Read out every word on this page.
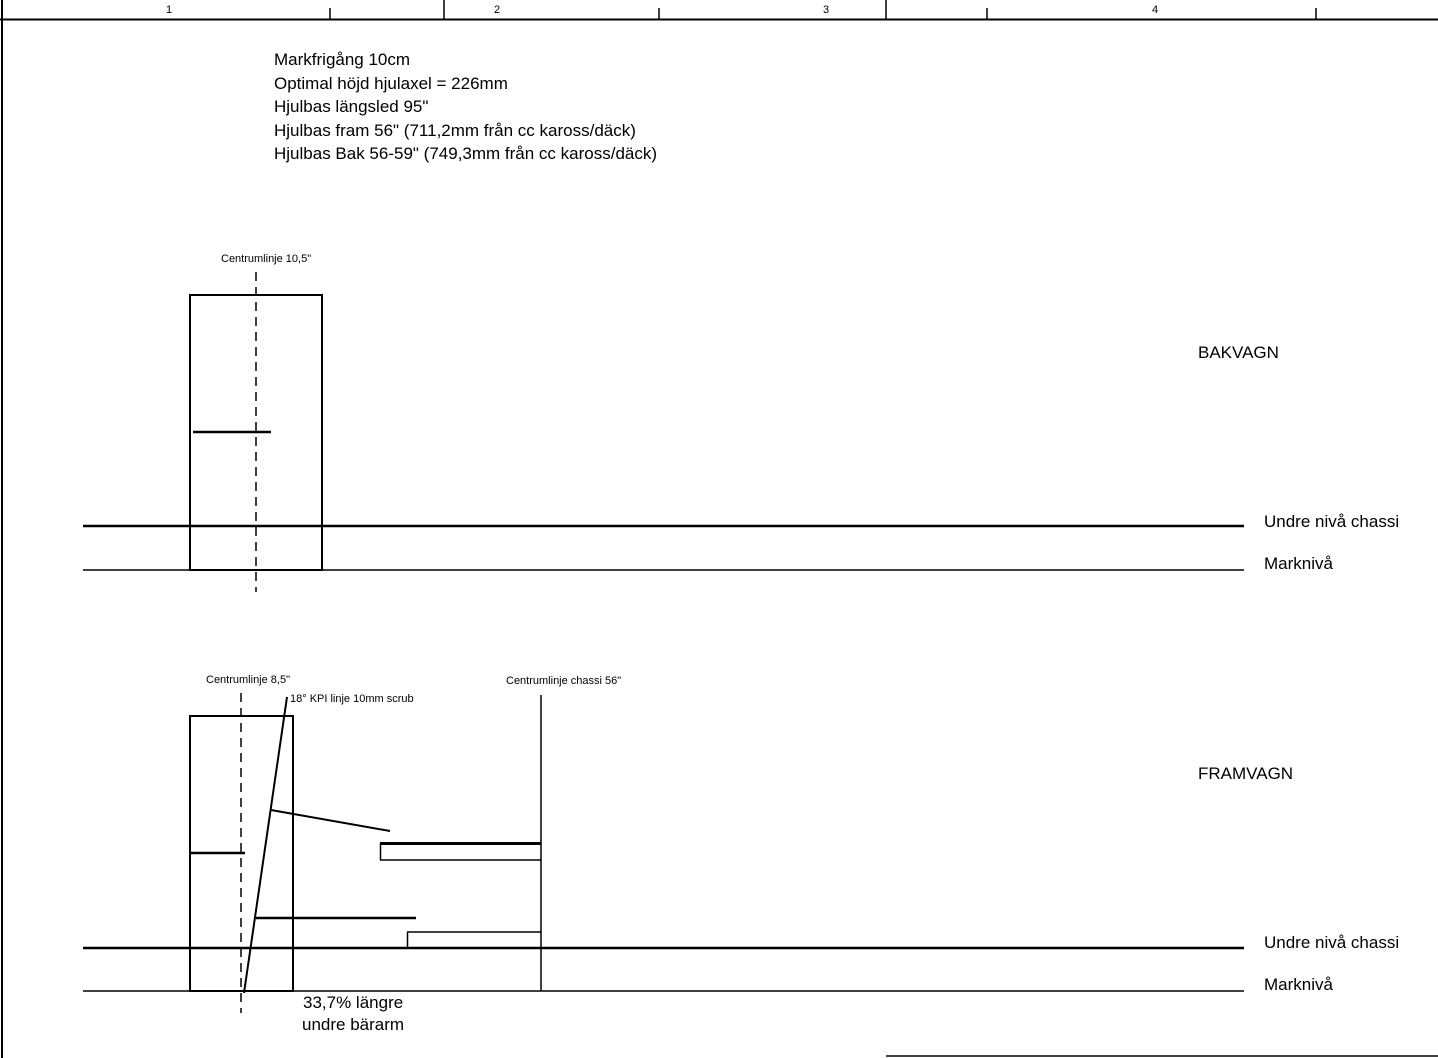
1	2	3	4
Markfrigång 10cm
Optimal höjd hjulaxel = 226mm
Hjulbas längsled 95"
Hjulbas fram 56" (711,2mm från cc kaross/däck)
Hjulbas Bak 56-59" (749,3mm från cc kaross/däck)
Centrumlinje 10,5"
BAKVAGN
Undre nivå chassi
Marknivå
Centrumlinje 8,5"
18° KPI linje 10mm scrub
Centrumlinje chassi 56"
FRAMVAGN
Undre nivå chassi
Marknivå
33,7% längre
undre bärarm
